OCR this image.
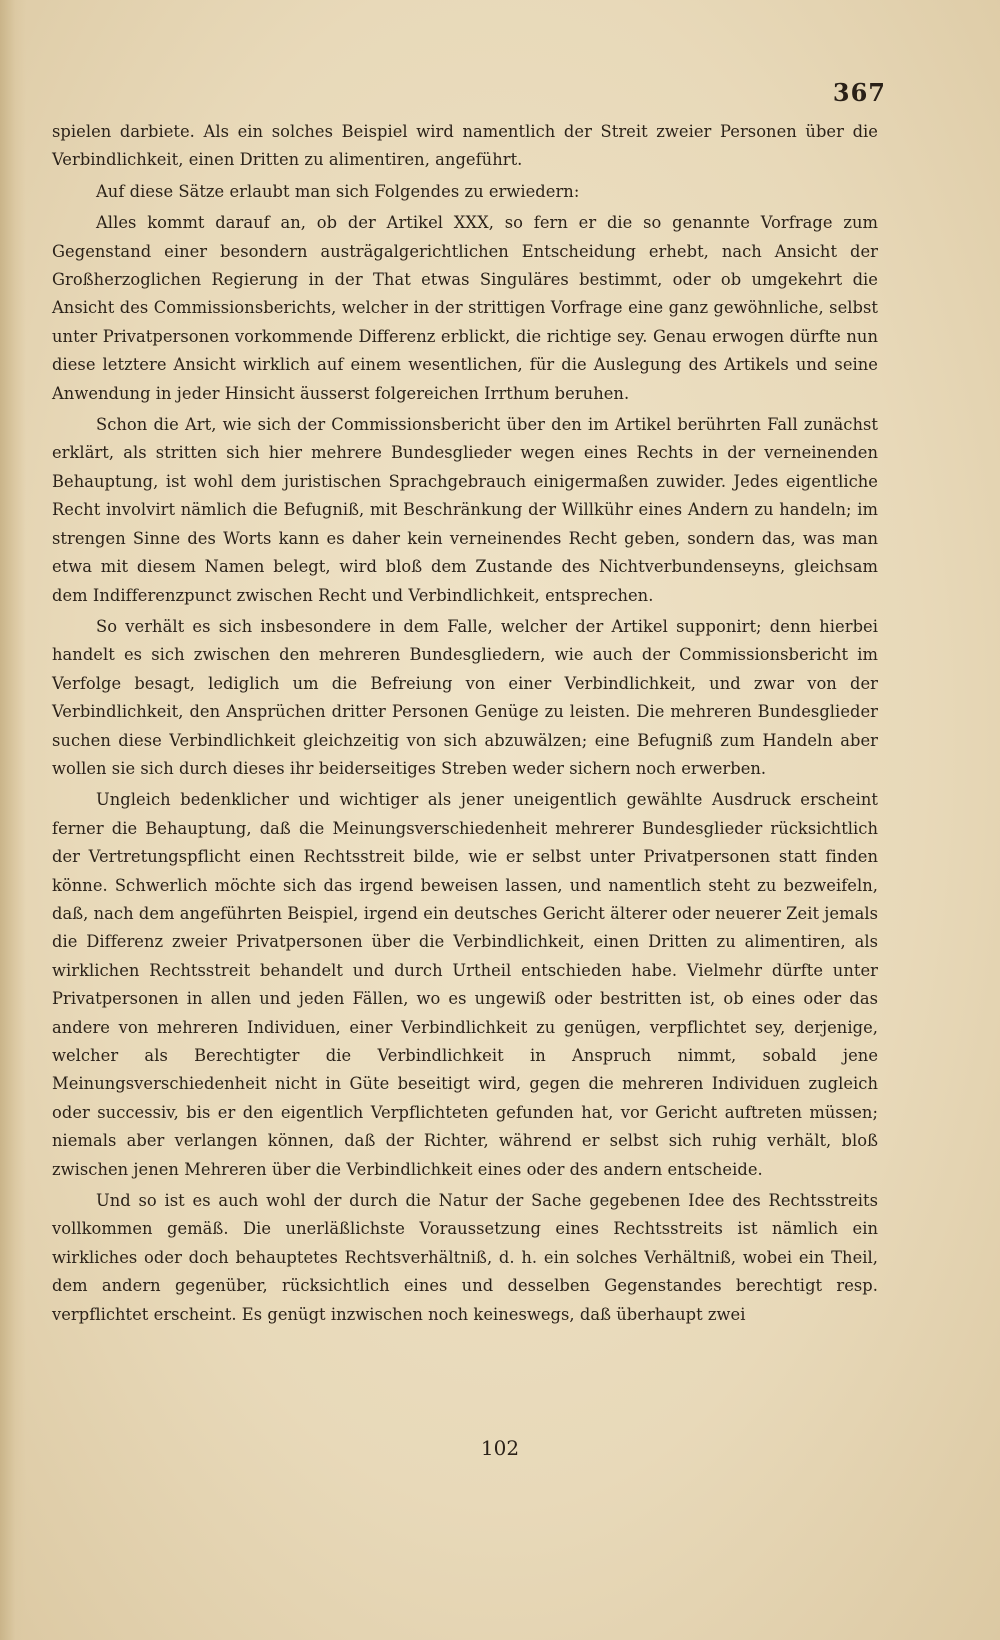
367

spielen darbiete. Als ein solches Beispiel wird namentlich der Streit zweier Personen über die Verbindlichkeit, einen Dritten zu alimentiren, angeführt.

Auf diese Sätze erlaubt man sich Folgendes zu erwiedern:

Alles kommt darauf an, ob der Artikel XXX, so fern er die so genannte Vorfrage zum Gegenstand einer besondern austrägalgerichtlichen Entscheidung erhebt, nach Ansicht der Großherzoglichen Regierung in der That etwas Singuläres bestimmt, oder ob umgekehrt die Ansicht des Commissionsberichts, welcher in der strittigen Vorfrage eine ganz gewöhnliche, selbst unter Privatpersonen vorkommende Differenz erblickt, die richtige sey. Genau erwogen dürfte nun diese letztere Ansicht wirklich auf einem wesentlichen, für die Auslegung des Artikels und seine Anwendung in jeder Hinsicht äusserst folgereichen Irrthum beruhen.

Schon die Art, wie sich der Commissionsbericht über den im Artikel berührten Fall zunächst erklärt, als stritten sich hier mehrere Bundesglieder wegen eines Rechts in der verneinenden Behauptung, ist wohl dem juristischen Sprachgebrauch einigermaßen zuwider. Jedes eigentliche Recht involvirt nämlich die Befugniß, mit Beschränkung der Willkühr eines Andern zu handeln; im strengen Sinne des Worts kann es daher kein verneinendes Recht geben, sondern das, was man etwa mit diesem Namen belegt, wird bloß dem Zustande des Nichtverbundenseyns, gleichsam dem Indifferenzpunct zwischen Recht und Verbindlichkeit, entsprechen.

So verhält es sich insbesondere in dem Falle, welcher der Artikel supponirt; denn hierbei handelt es sich zwischen den mehreren Bundesgliedern, wie auch der Commissionsbericht im Verfolge besagt, lediglich um die Befreiung von einer Verbindlichkeit, und zwar von der Verbindlichkeit, den Ansprüchen dritter Personen Genüge zu leisten. Die mehreren Bundesglieder suchen diese Verbindlichkeit gleichzeitig von sich abzuwälzen; eine Befugniß zum Handeln aber wollen sie sich durch dieses ihr beiderseitiges Streben weder sichern noch erwerben.

Ungleich bedenklicher und wichtiger als jener uneigentlich gewählte Ausdruck erscheint ferner die Behauptung, daß die Meinungsverschiedenheit mehrerer Bundesglieder rücksichtlich der Vertretungspflicht einen Rechtsstreit bilde, wie er selbst unter Privatpersonen statt finden könne. Schwerlich möchte sich das irgend beweisen lassen, und namentlich steht zu bezweifeln, daß, nach dem angeführten Beispiel, irgend ein deutsches Gericht älterer oder neuerer Zeit jemals die Differenz zweier Privatpersonen über die Verbindlichkeit, einen Dritten zu alimentiren, als wirklichen Rechtsstreit behandelt und durch Urtheil entschieden habe. Vielmehr dürfte unter Privatpersonen in allen und jeden Fällen, wo es ungewiß oder bestritten ist, ob eines oder das andere von mehreren Individuen, einer Verbindlichkeit zu genügen, verpflichtet sey, derjenige, welcher als Berechtigter die Verbindlichkeit in Anspruch nimmt, sobald jene Meinungsverschiedenheit nicht in Güte beseitigt wird, gegen die mehreren Individuen zugleich oder successiv, bis er den eigentlich Verpflichteten gefunden hat, vor Gericht auftreten müssen; niemals aber verlangen können, daß der Richter, während er selbst sich ruhig verhält, bloß zwischen jenen Mehreren über die Verbindlichkeit eines oder des andern entscheide.

Und so ist es auch wohl der durch die Natur der Sache gegebenen Idee des Rechtsstreits vollkommen gemäß. Die unerläßlichste Voraussetzung eines Rechtsstreits ist nämlich ein wirkliches oder doch behauptetes Rechtsverhältniß, d. h. ein solches Verhältniß, wobei ein Theil, dem andern gegenüber, rücksichtlich eines und desselben Gegenstandes berechtigt resp. verpflichtet erscheint. Es genügt inzwischen noch keineswegs, daß überhaupt zwei

102
